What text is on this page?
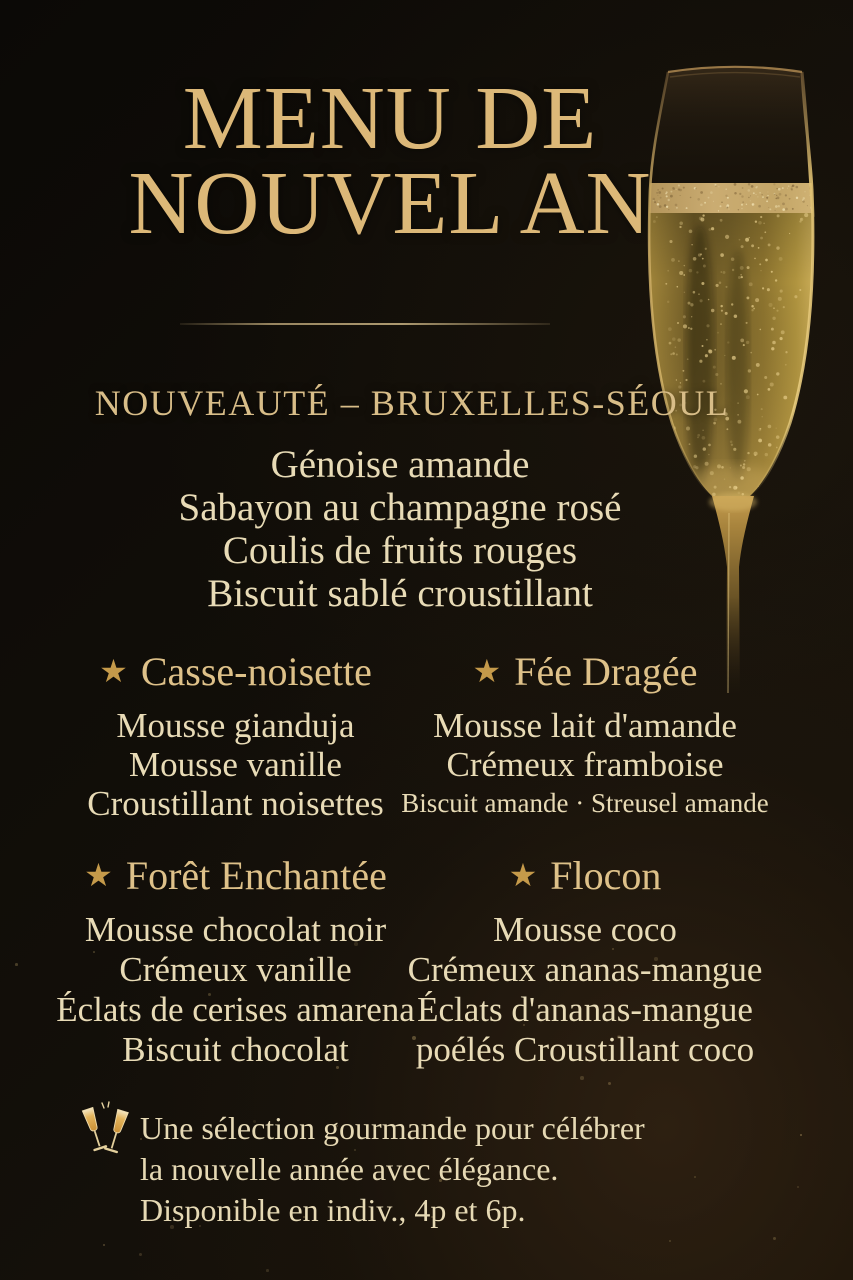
MENU DE
NOUVEL AN
NOUVEAUTÉ – BRUXELLES-SÉOUL
Génoise amande
Sabayon au champagne rosé
Coulis de fruits rouges
Biscuit sablé croustillant
★ Casse-noisette
Mousse gianduja
Mousse vanille
Croustillant noisettes
★ Fée Dragée
Mousse lait d'amande
Crémeux framboise
Biscuit amande · Streusel amande
★ Forêt Enchantée
Mousse chocolat noir
Crémeux vanille
Éclats de cerises amarena
Biscuit chocolat
★ Flocon
Mousse coco
Crémeux ananas-mangue
Éclats d'ananas-mangue
poélés Croustillant coco
Une sélection gourmande pour célébrer
la nouvelle année avec élégance.
Disponible en indiv., 4p et 6p.
